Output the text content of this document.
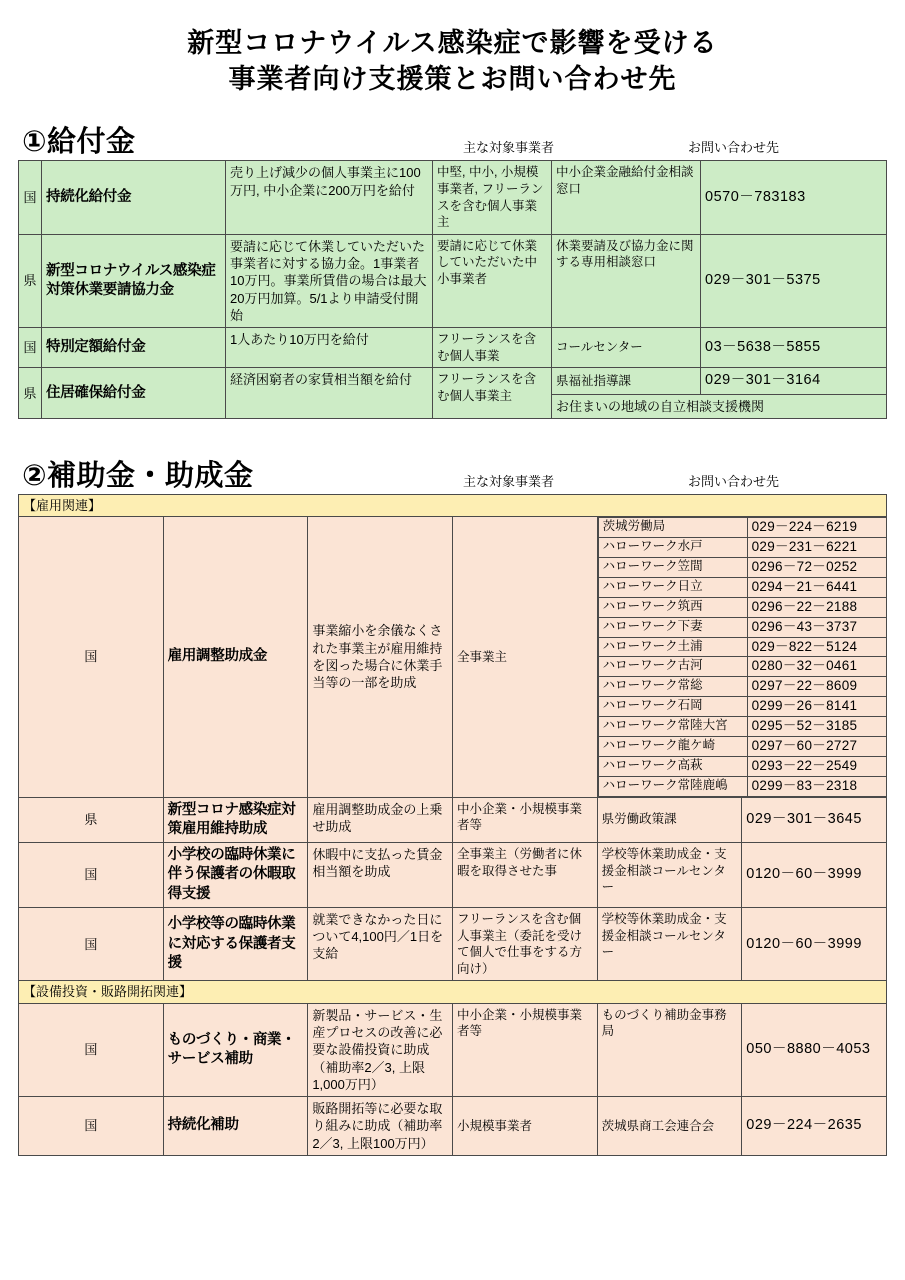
新型コロナウイルス感染症で影響を受ける
事業者向け支援策とお問い合わせ先
①給付金	主な対象事業者	お問い合わせ先
国	持続化給付金	売り上げ減少の個人事業主に100万円, 中小企業に200万円を給付	中堅, 中小, 小規模事業者, フリーランスを含む個人事業主	中小企業金融給付金相談窓口	0570－783183
県	新型コロナウイルス感染症対策休業要請協力金	要請に応じて休業していただいた事業者に対する協力金。1事業者10万円。事業所賃借の場合は最大20万円加算。5/1より申請受付開始	要請に応じて休業していただいた中小事業者	休業要請及び協力金に関する専用相談窓口	029－301－5375
国	特別定額給付金	1人あたり10万円を給付	フリーランスを含む個人事業	コールセンター	03－5638－5855
県	住居確保給付金	経済困窮者の家賃相当額を給付	フリーランスを含む個人事業主	県福祉指導課	029－301－3164
				お住まいの地域の自立相談支援機関	
②補助金・助成金	主な対象事業者	お問い合わせ先
【雇用関連】
国	雇用調整助成金	事業縮小を余儀なくされた事業主が雇用維持を図った場合に休業手当等の一部を助成	全事業主	
茨城労働局	029－224－6219
ハローワーク水戸	029－231－6221
ハローワーク笠間	0296－72－0252
ハローワーク日立	0294－21－6441
ハローワーク筑西	0296－22－2188
ハローワーク下妻	0296－43－3737
ハローワーク土浦	029－822－5124
ハローワーク古河	0280－32－0461
ハローワーク常総	0297－22－8609
ハローワーク石岡	0299－26－8141
ハローワーク常陸大宮	0295－52－3185
ハローワーク龍ケ崎	0297－60－2727
ハローワーク高萩	0293－22－2549
ハローワーク常陸鹿嶋	0299－83－2318

県	新型コロナ感染症対策雇用維持助成	雇用調整助成金の上乗せ助成	中小企業・小規模事業者等	県労働政策課	029－301－3645
国	小学校の臨時休業に伴う保護者の休暇取得支援	休暇中に支払った賃金相当額を助成	全事業主（労働者に休暇を取得させた事	学校等休業助成金・支援金相談コールセンター	0120－60－3999
国	小学校等の臨時休業に対応する保護者支援	就業できなかった日について4,100円／1日を支給	フリーランスを含む個人事業主（委託を受けて個人で仕事をする方向け）	学校等休業助成金・支援金相談コールセンター	0120－60－3999
【設備投資・販路開拓関連】
国	ものづくり・商業・サービス補助	新製品・サービス・生産プロセスの改善に必要な設備投資に助成（補助率2／3, 上限1,000万円）	中小企業・小規模事業者等	ものづくり補助金事務局	050－8880－4053
国	持続化補助	販路開拓等に必要な取り組みに助成（補助率2／3, 上限100万円）	小規模事業者	茨城県商工会連合会	029－224－2635
